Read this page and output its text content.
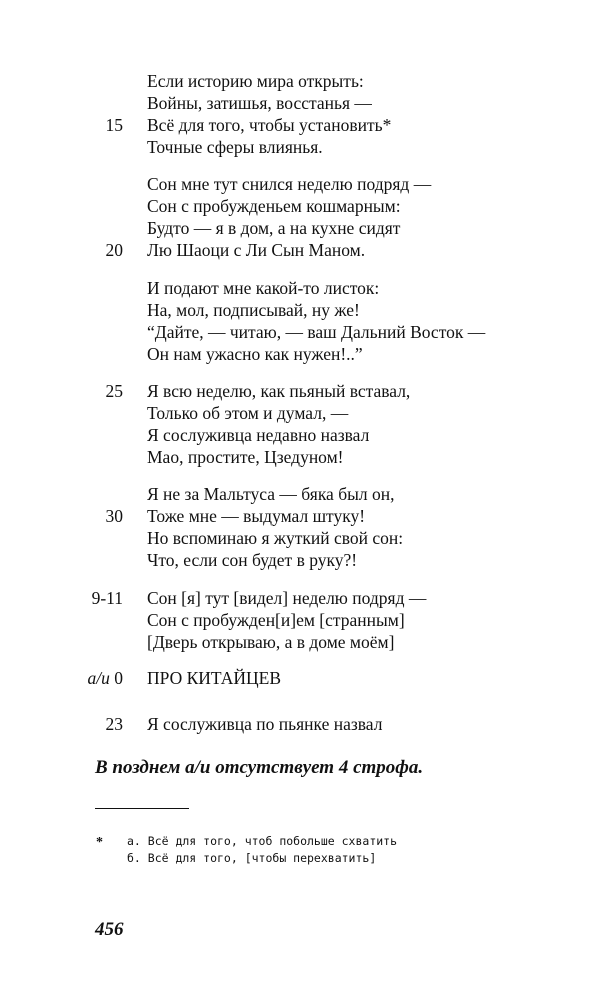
Если историю мира открыть:
Войны, затишья, восстанья —
15 Всё для того, чтобы установить*
Точные сферы влиянья.
Сон мне тут снился неделю подряд —
Сон с пробужденьем кошмарным:
Будто — я в дом, а на кухне сидят
20 Лю Шаоци с Ли Сын Маном.
И подают мне какой-то листок:
На, мол, подписывай, ну же!
“Дайте, — читаю, — ваш Дальний Восток —
Он нам ужасно как нужен!..”
25 Я всю неделю, как пьяный вставал,
Только об этом и думал, —
Я сослуживца недавно назвал
Мао, простите, Цзедуном!
Я не за Мальтуса — бяка был он,
30 Тоже мне — выдумал штуку!
Но вспоминаю я жуткий свой сон:
Что, если сон будет в руку?!
9-11 Сон [я] тут [видел] неделю подряд —
Сон с пробужден[и]ем [странным]
[Дверь открываю, а в доме моём]
а/и 0 ПРО КИТАЙЦЕВ
23 Я сослуживца по пьянке назвал
В позднем а/и отсутствует 4 строфа.
* а. Всё для того, чтоб побольше схватить
б. Всё для того, [чтобы перехватить]
456
